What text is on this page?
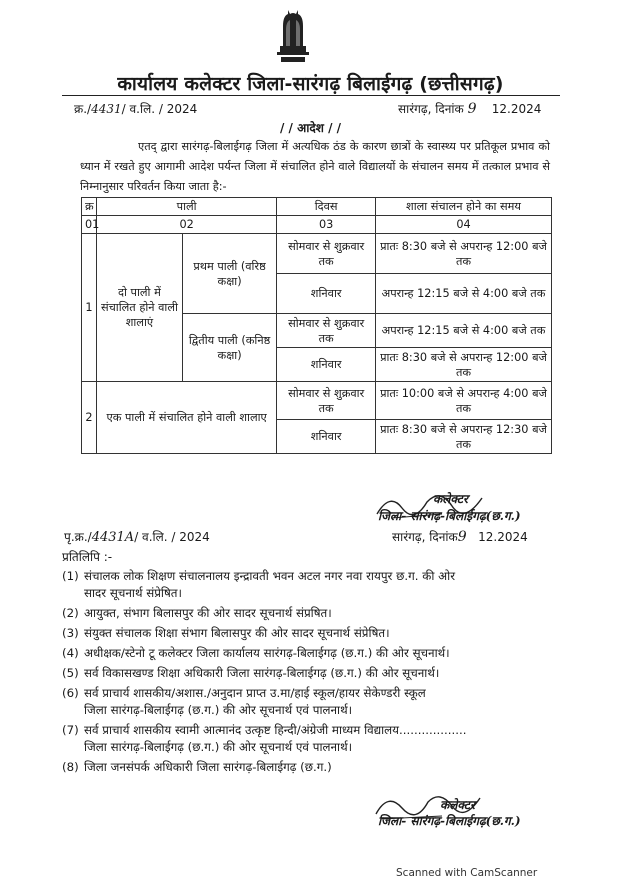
कार्यालय कलेक्टर जिला-सारंगढ़ बिलाईगढ़ (छत्तीसगढ़)
क्र./4431/ व.लि. / 2024	सारंगढ़, दिनांक 9 12.2024
/ / आदेश / /
एतद् द्वारा सारंगढ़-बिलाईगढ़ जिला में अत्यधिक ठंड के कारण छात्रों के स्वास्थ्य पर प्रतिकूल प्रभाव को ध्यान में रखते हुए आगामी आदेश पर्यन्त जिला में संचालित होने वाले विद्यालयों के संचालन समय में तत्काल प्रभाव से निम्नानुसार परिवर्तन किया जाता है:-
क्र	पाली		दिवस	शाला संचालन होने का समय
01	02		03	04
1	दो पाली में संचालित होने वाली शालाएं	प्रथम पाली (वरिष्ठ कक्षा)	सोमवार से शुक्रवार तक	प्रातः 8:30 बजे से अपरान्ह 12:00 बजे तक
			शनिवार	अपरान्ह 12:15 बजे से 4:00 बजे तक
		द्वितीय पाली (कनिष्ठ कक्षा)	सोमवार से शुक्रवार तक	अपरान्ह 12:15 बजे से 4:00 बजे तक
			शनिवार	प्रातः 8:30 बजे से अपरान्ह 12:00 बजे तक
2	एक पाली में संचालित होने वाली शालाए		सोमवार से शुक्रवार तक	प्रातः 10:00 बजे से अपरान्ह 4:00 बजे तक
			शनिवार	प्रातः 8:30 बजे से अपरान्ह 12:30 बजे तक
कलेक्टर
जिला- सारंगढ़-बिलाईगढ़(छ.ग.)
पृ.क्र./4431A/ व.लि. / 2024	सारंगढ़, दिनांक9 12.2024
प्रतिलिपि :-
(1) संचालक लोक शिक्षण संचालनालय इन्द्रावती भवन अटल नगर नवा रायपुर छ.ग. की ओर
सादर सूचनार्थ संप्रेषित।
(2) आयुक्त, संभाग बिलासपुर की ओर सादर सूचनार्थ संप्रषित।
(3) संयुक्त संचालक शिक्षा संभाग बिलासपुर की ओर सादर सूचनार्थ संप्रेषित।
(4) अधीक्षक/स्टेनो टू कलेक्टर जिला कार्यालय सारंगढ़-बिलाईगढ़ (छ.ग.) की ओर सूचनार्थ।
(5) सर्व विकासखण्ड शिक्षा अधिकारी जिला सारंगढ़-बिलाईगढ़ (छ.ग.) की ओर सूचनार्थ।
(6) सर्व प्राचार्य शासकीय/अशास./अनुदान प्राप्त उ.मा/हाई स्कूल/हायर सेकेण्डरी स्कूल
जिला सारंगढ़-बिलाईगढ़ (छ.ग.) की ओर सूचनार्थ एवं पालनार्थ।
(7) सर्व प्राचार्य शासकीय स्वामी आत्मानंद उत्कृष्ट हिन्दी/अंग्रेजी माध्यम विद्यालय..................
जिला सारंगढ़-बिलाईगढ़ (छ.ग.) की ओर सूचनार्थ एवं पालनार्थ।
(8) जिला जनसंपर्क अधिकारी जिला सारंगढ़-बिलाईगढ़ (छ.ग.)
कलेक्टर
जिला- सारंगढ़-बिलाईगढ़(छ.ग.)
Scanned with CamScanner
